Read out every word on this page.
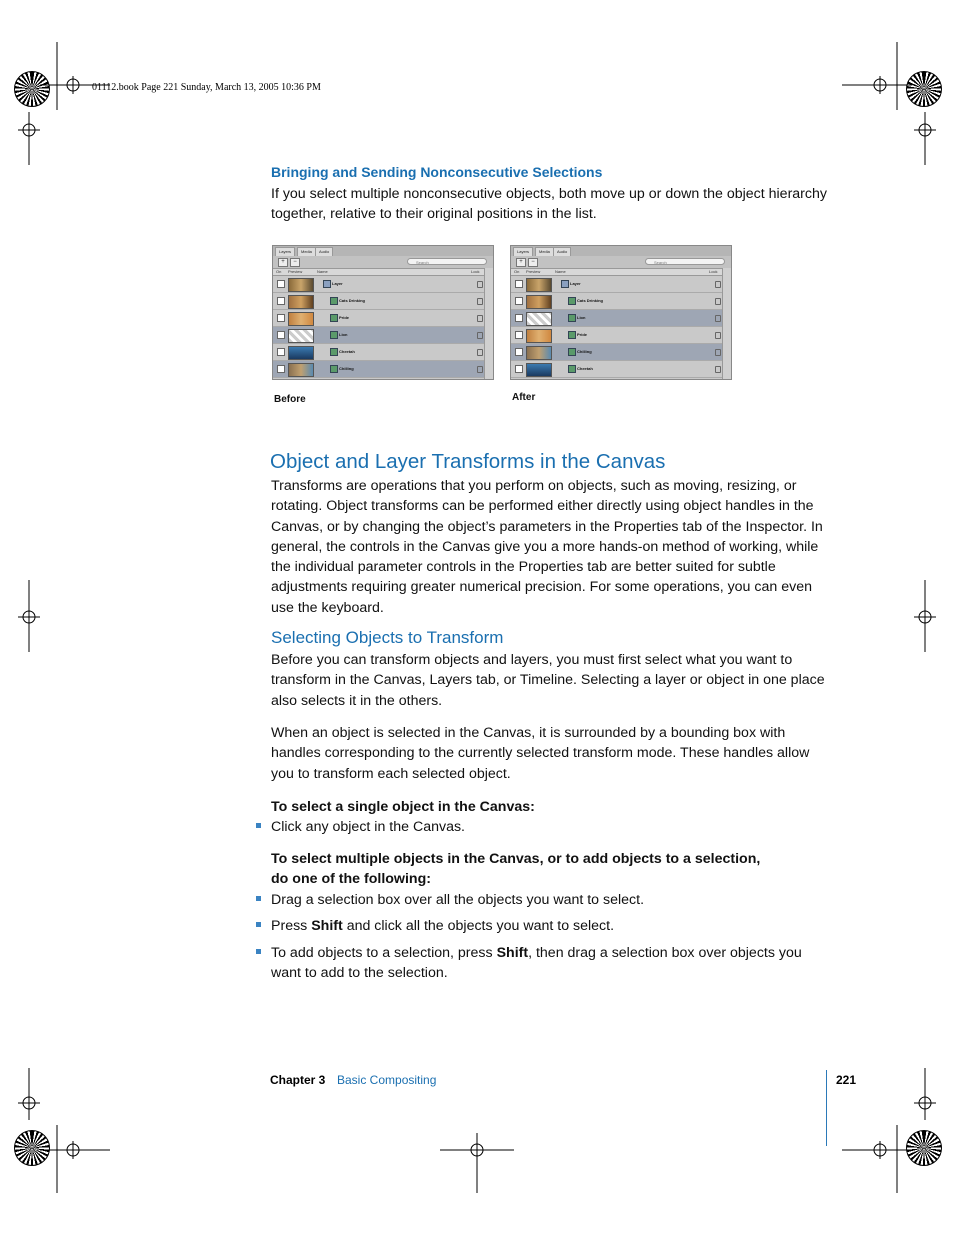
01112.book Page 221 Sunday, March 13, 2005 10:36 PM
Bringing and Sending Nonconsecutive Selections
If you select multiple nonconsecutive objects, both move up or down the object hierarchy together, relative to their original positions in the list.
Layers	Media	Audio
+	−	Search
On Preview	Name	Lock
Layer
Cats Drinking
Pride
Lion
Cheetah
Chilling
Layers	Media	Audio
+	−	Search
On Preview	Name	Lock
Layer
Cats Drinking
Lion
Pride
Chilling
Cheetah
Before	After
Object and Layer Transforms in the Canvas
Transforms are operations that you perform on objects, such as moving, resizing, or rotating. Object transforms can be performed either directly using object handles in the Canvas, or by changing the object’s parameters in the Properties tab of the Inspector. In general, the controls in the Canvas give you a more hands-on method of working, while the individual parameter controls in the Properties tab are better suited for subtle adjustments requiring greater numerical precision. For some operations, you can even use the keyboard.
Selecting Objects to Transform
Before you can transform objects and layers, you must first select what you want to transform in the Canvas, Layers tab, or Timeline. Selecting a layer or object in one place also selects it in the others.
When an object is selected in the Canvas, it is surrounded by a bounding box with handles corresponding to the currently selected transform mode. These handles allow you to transform each selected object.
To select a single object in the Canvas:
Click any object in the Canvas.
To select multiple objects in the Canvas, or to add objects to a selection, do one of the following:
Drag a selection box over all the objects you want to select.
Press Shift and click all the objects you want to select.
To add objects to a selection, press Shift, then drag a selection box over objects you want to add to the selection.
Chapter 3 Basic Compositing	221
